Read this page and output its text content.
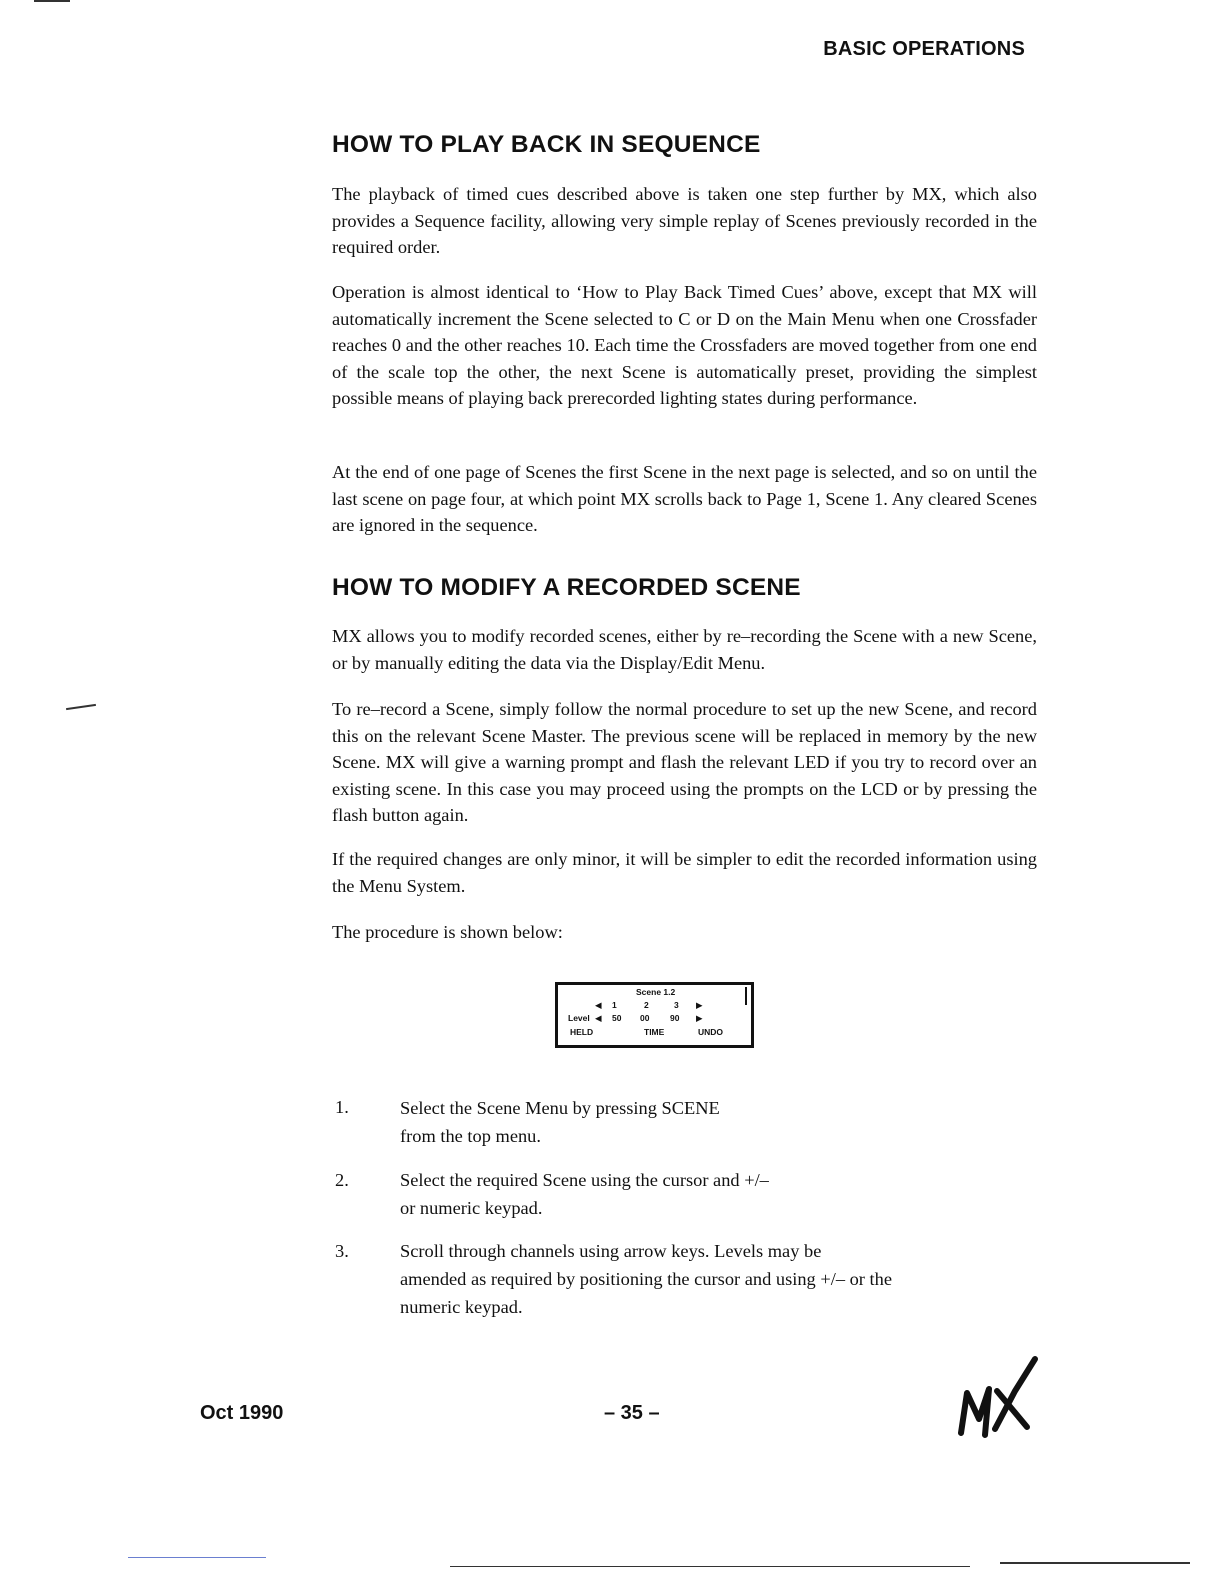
BASIC OPERATIONS
HOW TO PLAY BACK IN SEQUENCE

The playback of timed cues described above is taken one step further by MX, which also provides a Sequence facility, allowing very simple replay of Scenes previously recorded in the required order.

Operation is almost identical to ‘How to Play Back Timed Cues’ above, except that MX will automatically increment the Scene selected to C or D on the Main Menu when one Crossfader reaches 0 and the other reaches 10. Each time the Crossfaders are moved together from one end of the scale top the other, the next Scene is automatically preset, providing the simplest possible means of playing back prerecorded lighting states during performance.

At the end of one page of Scenes the first Scene in the next page is selected, and so on until the last scene on page four, at which point MX scrolls back to Page 1, Scene 1. Any cleared Scenes are ignored in the sequence.

HOW TO MODIFY A RECORDED SCENE

MX allows you to modify recorded scenes, either by re–recording the Scene with a new Scene, or by manually editing the data via the Display/Edit Menu.

To re–record a Scene, simply follow the normal procedure to set up the new Scene, and record this on the relevant Scene Master. The previous scene will be replaced in memory by the new Scene. MX will give a warning prompt and flash the relevant LED if you try to record over an existing scene. In this case you may proceed using the prompts on the LCD or by pressing the flash button again.

If the required changes are only minor, it will be simpler to edit the recorded information using the Menu System.

The procedure is shown below:

Scene 1.2
◀ 1	2	3 ▶
Level ◀ 50 00 90 ▶
HELD	TIME	UNDO
1.	Select the Scene Menu by pressing SCENE
from the top menu.

2.	Select the required Scene using the cursor and +/–
or numeric keypad.

3.	Scroll through channels using arrow keys. Levels may be
amended as required by positioning the cursor and using +/– or the
numeric keypad.

Oct 1990	– 35 –
